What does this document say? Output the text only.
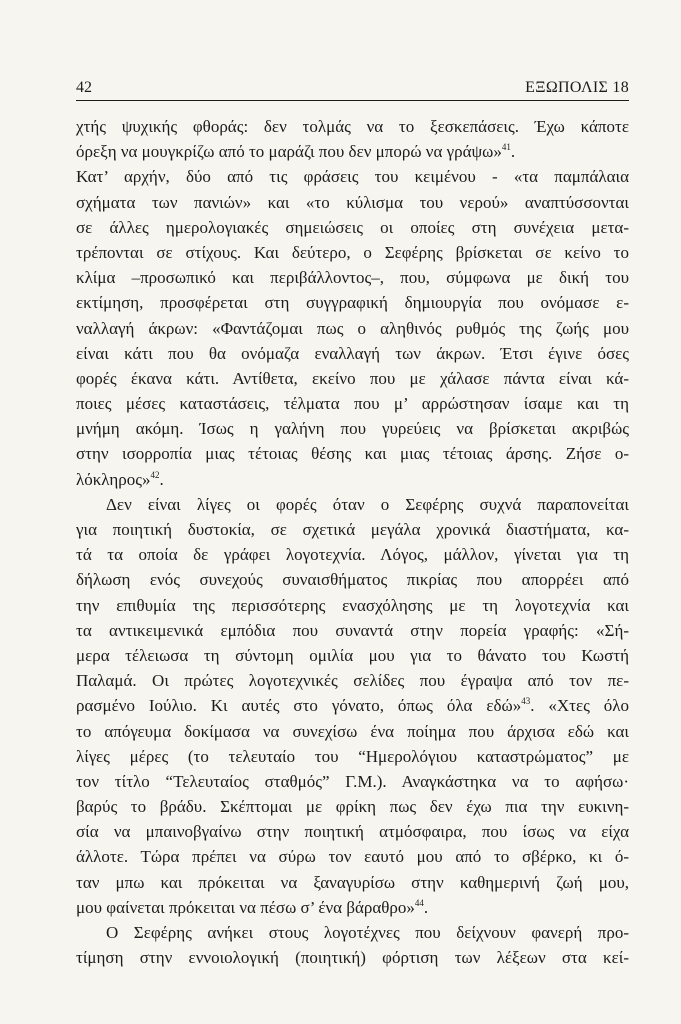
42	ΕΞΩΠΟΛΙΣ 18
χτής ψυχικής φθοράς: δεν τολμάς να το ξεσκεπάσεις. Έχω κάποτε
όρεξη να μουγκρίζω από το μαράζι που δεν μπορώ να γράψω»$^{41}$.
Κατ’ αρχήν, δύο από τις φράσεις του κειμένου - «τα παμπάλαια
σχήματα των πανιών» και «το κύλισμα του νερού» αναπτύσσονται
σε άλλες ημερολογιακές σημειώσεις οι οποίες στη συνέχεια μετα-
τρέπονται σε στίχους. Και δεύτερο, ο Σεφέρης βρίσκεται σε κείνο το
κλίμα –προσωπικό και περιβάλλοντος–, που, σύμφωνα με δική του
εκτίμηση, προσφέρεται στη συγγραφική δημιουργία που ονόμασε ε-
ναλλαγή άκρων: «Φαντάζομαι πως ο αληθινός ρυθμός της ζωής μου
είναι κάτι που θα ονόμαζα εναλλαγή των άκρων. Έτσι έγινε όσες
φορές έκανα κάτι. Αντίθετα, εκείνο που με χάλασε πάντα είναι κά-
ποιες μέσες καταστάσεις, τέλματα που μ’ αρρώστησαν ίσαμε και τη
μνήμη ακόμη. Ίσως η γαλήνη που γυρεύεις να βρίσκεται ακριβώς
στην ισορροπία μιας τέτοιας θέσης και μιας τέτοιας άρσης. Ζήσε ο-
λόκληρος»$^{42}$.
Δεν είναι λίγες οι φορές όταν ο Σεφέρης συχνά παραπονείται
για ποιητική δυστοκία, σε σχετικά μεγάλα χρονικά διαστήματα, κα-
τά τα οποία δε γράφει λογοτεχνία. Λόγος, μάλλον, γίνεται για τη
δήλωση ενός συνεχούς συναισθήματος πικρίας που απορρέει από
την επιθυμία της περισσότερης ενασχόλησης με τη λογοτεχνία και
τα αντικειμενικά εμπόδια που συναντά στην πορεία γραφής: «Σή-
μερα τέλειωσα τη σύντομη ομιλία μου για το θάνατο του Κωστή
Παλαμά. Οι πρώτες λογοτεχνικές σελίδες που έγραψα από τον πε-
ρασμένο Ιούλιο. Κι αυτές στο γόνατο, όπως όλα εδώ»$^{43}$. «Χτες όλο
το απόγευμα δοκίμασα να συνεχίσω ένα ποίημα που άρχισα εδώ και
λίγες μέρες (το τελευταίο του “Ημερολόγιου καταστρώματος” με
τον τίτλο “Τελευταίος σταθμός” Γ.Μ.). Αναγκάστηκα να το αφήσω·
βαρύς το βράδυ. Σκέπτομαι με φρίκη πως δεν έχω πια την ευκινη-
σία να μπαινοβγαίνω στην ποιητική ατμόσφαιρα, που ίσως να είχα
άλλοτε. Τώρα πρέπει να σύρω τον εαυτό μου από το σβέρκο, κι ό-
ταν μπω και πρόκειται να ξαναγυρίσω στην καθημερινή ζωή μου,
μου φαίνεται πρόκειται να πέσω σ’ ένα βάραθρο»$^{44}$.
Ο Σεφέρης ανήκει στους λογοτέχνες που δείχνουν φανερή προ-
τίμηση στην εννοιολογική (ποιητική) φόρτιση των λέξεων στα κεί-
